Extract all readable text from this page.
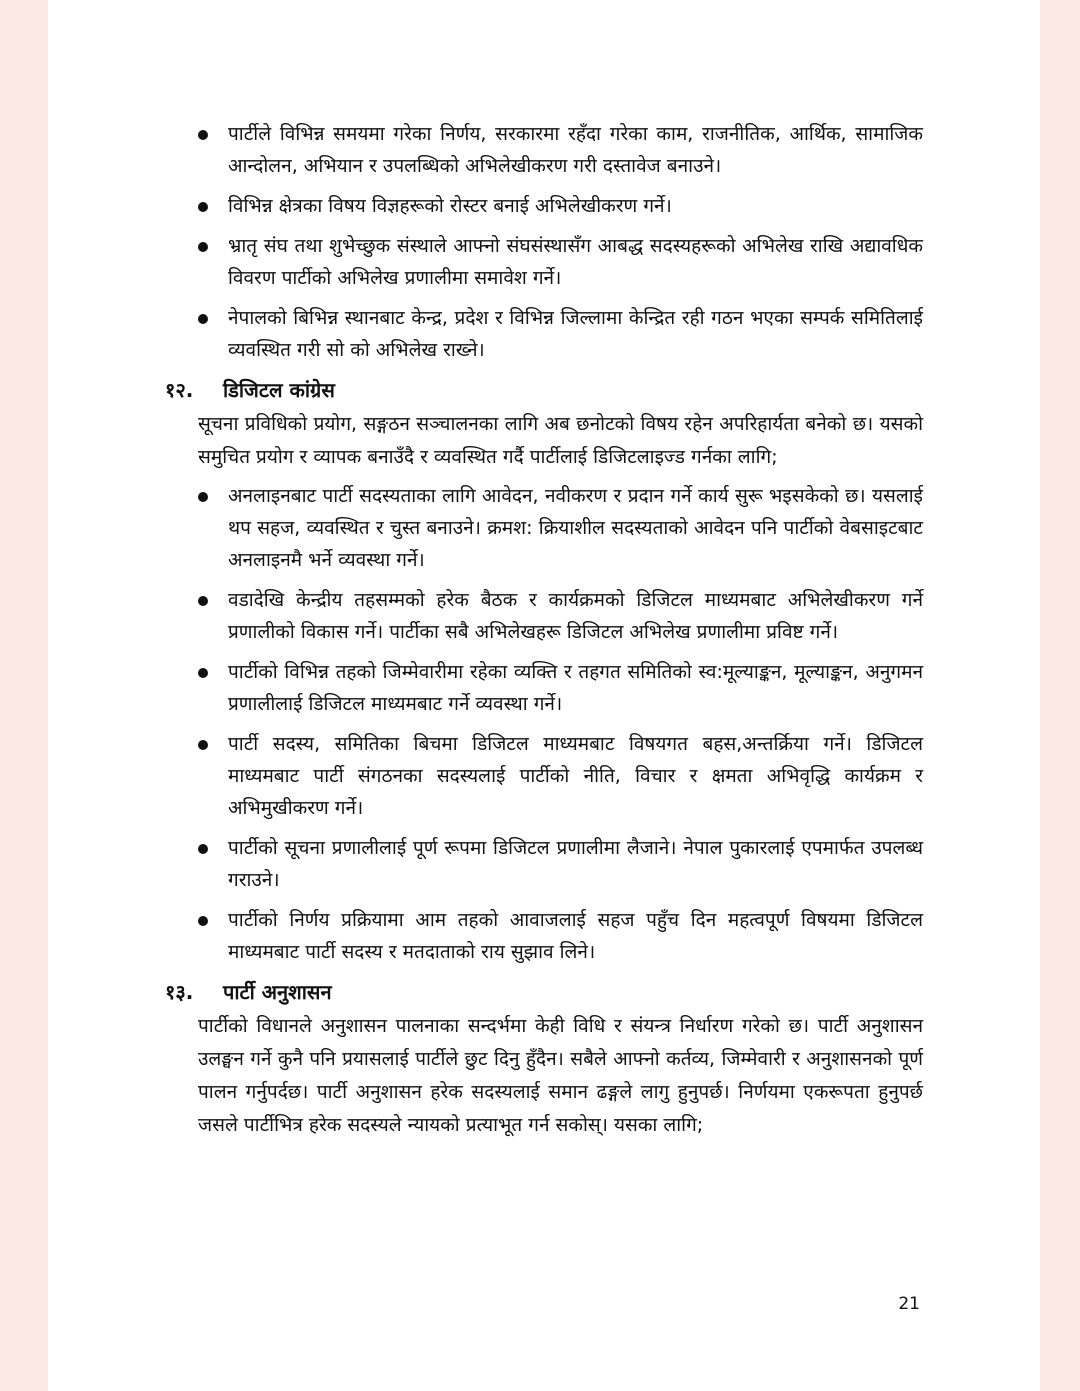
पार्टीले विभिन्न समयमा गरेका निर्णय, सरकारमा रहँदा गरेका काम, राजनीतिक, आर्थिक, सामाजिक आन्दोलन, अभियान र उपलब्धिको अभिलेखीकरण गरी दस्तावेज बनाउने।
विभिन्न क्षेत्रका विषय विज्ञहरूको रोस्टर बनाई अभिलेखीकरण गर्ने।
भ्रातृ संघ तथा शुभेच्छुक संस्थाले आफ्नो संघसंस्थासँग आबद्ध सदस्यहरूको अभिलेख राखि अद्यावधिक विवरण पार्टीको अभिलेख प्रणालीमा समावेश गर्ने।
नेपालको बिभिन्न स्थानबाट केन्द्र, प्रदेश र विभिन्न जिल्लामा केन्द्रित रही गठन भएका सम्पर्क समितिलाई व्यवस्थित गरी सो को अभिलेख राख्ने।
१२. डिजिटल कांग्रेस
सूचना प्रविधिको प्रयोग, सङ्गठन सञ्चालनका लागि अब छनोटको विषय रहेन अपरिहार्यता बनेको छ। यसको समुचित प्रयोग र व्यापक बनाउँदै र व्यवस्थित गर्दै पार्टीलाई डिजिटलाइज्ड गर्नका लागि;
अनलाइनबाट पार्टी सदस्यताका लागि आवेदन, नवीकरण र प्रदान गर्ने कार्य सुरू भइसकेको छ। यसलाई थप सहज, व्यवस्थित र चुस्त बनाउने। क्रमश: क्रियाशील सदस्यताको आवेदन पनि पार्टीको वेबसाइटबाट अनलाइनमै भर्ने व्यवस्था गर्ने।
वडादेखि केन्द्रीय तहसम्मको हरेक बैठक र कार्यक्रमको डिजिटल माध्यमबाट अभिलेखीकरण गर्ने प्रणालीको विकास गर्ने। पार्टीका सबै अभिलेखहरू डिजिटल अभिलेख प्रणालीमा प्रविष्ट गर्ने।
पार्टीको विभिन्न तहको जिम्मेवारीमा रहेका व्यक्ति र तहगत समितिको स्व:मूल्याङ्कन, मूल्याङ्कन, अनुगमन प्रणालीलाई डिजिटल माध्यमबाट गर्ने व्यवस्था गर्ने।
पार्टी सदस्य, समितिका बिचमा डिजिटल माध्यमबाट विषयगत बहस,अन्तर्क्रिया गर्ने। डिजिटल माध्यमबाट पार्टी संगठनका सदस्यलाई पार्टीको नीति, विचार र क्षमता अभिवृद्धि कार्यक्रम र अभिमुखीकरण गर्ने।
पार्टीको सूचना प्रणालीलाई पूर्ण रूपमा डिजिटल प्रणालीमा लैजाने। नेपाल पुकारलाई एपमार्फत उपलब्ध गराउने।
पार्टीको निर्णय प्रक्रियामा आम तहको आवाजलाई सहज पहुँच दिन महत्वपूर्ण विषयमा डिजिटल माध्यमबाट पार्टी सदस्य र मतदाताको राय सुझाव लिने।
१३. पार्टी अनुशासन
पार्टीको विधानले अनुशासन पालनाका सन्दर्भमा केही विधि र संयन्त्र निर्धारण गरेको छ। पार्टी अनुशासन उलङ्घन गर्ने कुनै पनि प्रयासलाई पार्टीले छुट दिनु हुँदैन। सबैले आफ्नो कर्तव्य, जिम्मेवारी र अनुशासनको पूर्ण पालन गर्नुपर्दछ। पार्टी अनुशासन हरेक सदस्यलाई समान ढङ्गले लागु हुनुपर्छ। निर्णयमा एकरूपता हुनुपर्छ जसले पार्टीभित्र हरेक सदस्यले न्यायको प्रत्याभूत गर्न सकोस्। यसका लागि;
21
